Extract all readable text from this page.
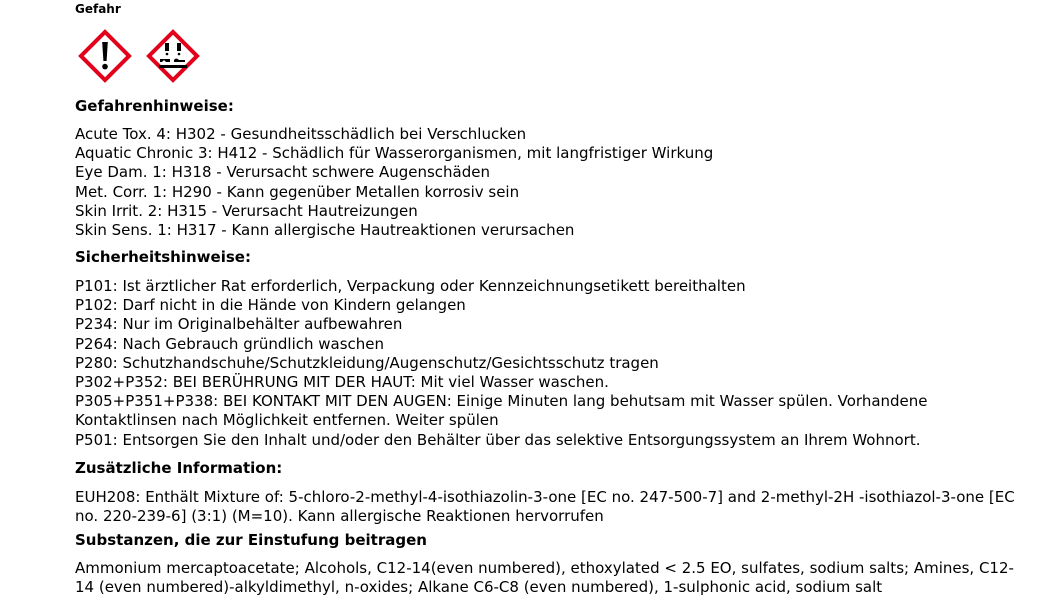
Gefahr
Gefahrenhinweise:
Acute Tox. 4: H302 - Gesundheitsschädlich bei Verschlucken
Aquatic Chronic 3: H412 - Schädlich für Wasserorganismen, mit langfristiger Wirkung
Eye Dam. 1: H318 - Verursacht schwere Augenschäden
Met. Corr. 1: H290 - Kann gegenüber Metallen korrosiv sein
Skin Irrit. 2: H315 - Verursacht Hautreizungen
Skin Sens. 1: H317 - Kann allergische Hautreaktionen verursachen
Sicherheitshinweise:
P101: Ist ärztlicher Rat erforderlich, Verpackung oder Kennzeichnungsetikett bereithalten
P102: Darf nicht in die Hände von Kindern gelangen
P234: Nur im Originalbehälter aufbewahren
P264: Nach Gebrauch gründlich waschen
P280: Schutzhandschuhe/Schutzkleidung/Augenschutz/Gesichtsschutz tragen
P302+P352: BEI BERÜHRUNG MIT DER HAUT: Mit viel Wasser waschen.
P305+P351+P338: BEI KONTAKT MIT DEN AUGEN: Einige Minuten lang behutsam mit Wasser spülen. Vorhandene Kontaktlinsen nach Möglichkeit entfernen. Weiter spülen
P501: Entsorgen Sie den Inhalt und/oder den Behälter über das selektive Entsorgungssystem an Ihrem Wohnort.
Zusätzliche Information:
EUH208: Enthält Mixture of: 5-chloro-2-methyl-4-isothiazolin-3-one [EC no. 247-500-7] and 2-methyl-2H -isothiazol-3-one [EC no. 220-239-6] (3:1) (M=10). Kann allergische Reaktionen hervorrufen
Substanzen, die zur Einstufung beitragen
Ammonium mercaptoacetate; Alcohols, C12-14(even numbered), ethoxylated < 2.5 EO, sulfates, sodium salts; Amines, C12-14 (even numbered)-alkyldimethyl, n-oxides; Alkane C6-C8 (even numbered), 1-sulphonic acid, sodium salt
